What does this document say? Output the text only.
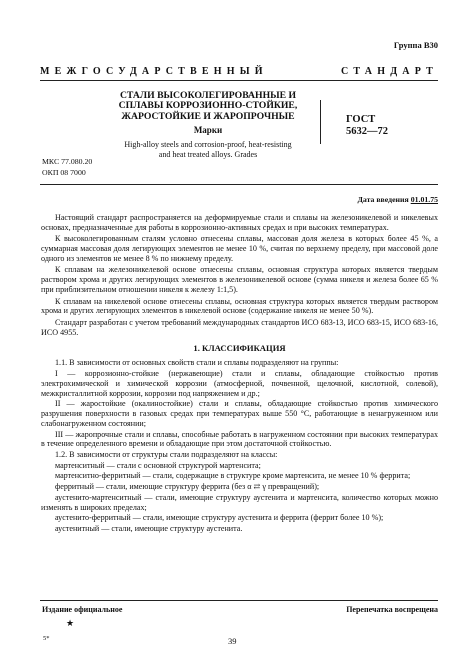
Группа В30
МЕЖГОСУДАРСТВЕННЫЙ	СТАНДАРТ
СТАЛИ ВЫСОКОЛЕГИРОВАННЫЕ И
СПЛАВЫ КОРРОЗИОННО-СТОЙКИЕ,
ЖАРОСТОЙКИЕ И ЖАРОПРОЧНЫЕ
Марки
High-alloy steels and corrosion-proof, heat-resisting
and heat treated alloys. Grades
ГОСТ
5632—72
МКС 77.080.20
ОКП 08 7000
Дата введения 01.01.75

Настоящий стандарт распространяется на деформируемые стали и сплавы на железоникелевой и никелевых основах, предназначенные для работы в коррозионно-активных средах и при высоких температурах.

К высоколегированным сталям условно отнесены сплавы, массовая доля железа в которых более 45 %, а суммарная массовая доля легирующих элементов не менее 10 %, считая по верхнему пределу, при массовой доле одного из элементов не менее 8 % по нижнему пределу.

К сплавам на железоникелевой основе отнесены сплавы, основная структура которых является твердым раствором хрома и других легирующих элементов в железоникелевой основе (сумма никеля и железа более 65 % при приблизительном отношении никеля к железу 1:1,5).

К сплавам на никелевой основе отнесены сплавы, основная структура которых является твердым раствором хрома и других легирующих элементов в никелевой основе (содержание никеля не менее 50 %).

Стандарт разработан с учетом требований международных стандартов ИСО 683-13, ИСО 683-15, ИСО 683-16, ИСО 4955.

1. КЛАССИФИКАЦИЯ

1.1. В зависимости от основных свойств стали и сплавы подразделяют на группы:

I — коррозионно-стойкие (нержавеющие) стали и сплавы, обладающие стойкостью против электрохимической и химической коррозии (атмосферной, почвенной, щелочной, кислотной, солевой), межкристаллитной коррозии, коррозии под напряжением и др.;

II — жаростойкие (окалиностойкие) стали и сплавы, обладающие стойкостью против химического разрушения поверхности в газовых средах при температурах выше 550 °С, работающие в ненагруженном или слабонагруженном состоянии;

III — жаропрочные стали и сплавы, способные работать в нагруженном состоянии при высоких температурах в течение определенного времени и обладающие при этом достаточной стойкостью.

1.2. В зависимости от структуры стали подразделяют на классы:

мартенситный — стали с основной структурой мартенсита;

мартенситно-ферритный — стали, содержащие в структуре кроме мартенсита, не менее 10 % феррита;

ферритный — стали, имеющие структуру феррита (без α ⇄ γ превращений);

аустенито-мартенситный — стали, имеющие структуру аустенита и мартенсита, количество которых можно изменять в широких пределах;

аустенито-ферритный — стали, имеющие структуру аустенита и феррита (феррит более 10 %);

аустенитный — стали, имеющие структуру аустенита.

Издание официальное	Перепечатка воспрещена
★
5*	39
